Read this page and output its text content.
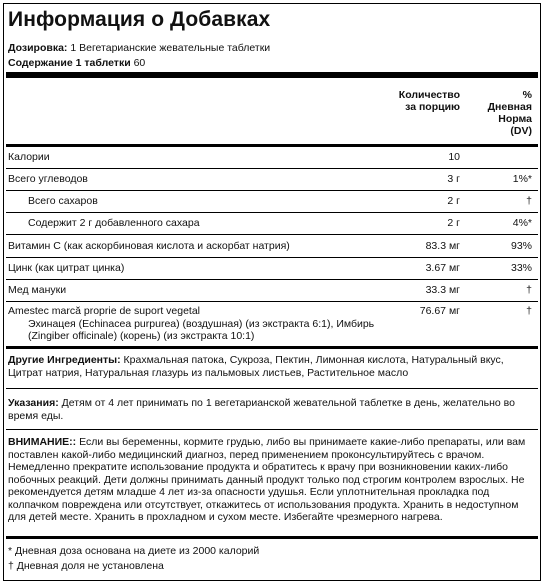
Информация о Добавках
Дозировка: 1 Вегетарианские жевательные таблетки
Содержание 1 таблетки 60
Количество
за порцию
%
Дневная
Норма
(DV)
Калории	10
Всего углеводов	3 г	1%*
Всего сахаров	2 г	†
Содержит 2 г добавленного сахара	2 г	4%*
Витамин С (как аскорбиновая кислота и аскорбат натрия)	83.3 мг	93%
Цинк (как цитрат цинка)	3.67 мг	33%
Мед мануки	33.3 мг	†
Amestec marcă proprie de suport vegetal	76.67 мг	†
Эхинацея (Echinacea purpurea) (воздушная) (из экстракта 6:1), Имбирь
(Zingiber officinale) (корень) (из экстракта 10:1)
Другие Ингредиенты: Крахмальная патока, Сукроза, Пектин, Лимонная кислота, Натуральный вкус, Цитрат натрия, Натуральная глазурь из пальмовых листьев, Растительное масло
Указания: Детям от 4 лет принимать по 1 вегетарианской жевательной таблетке в день, желательно во время еды.
ВНИМАНИЕ:: Если вы беременны, кормите грудью, либо вы принимаете какие-либо препараты, или вам поставлен какой-либо медицинский диагноз, перед применением проконсультируйтесь с врачом. Немедленно прекратите использование продукта и обратитесь к врачу при возникновении каких-либо побочных реакций. Дети должны принимать данный продукт только под строгим контролем взрослых. Не рекомендуется детям младше 4 лет из-за опасности удушья. Если уплотнительная прокладка под колпачком повреждена или отсутствует, откажитесь от использования продукта. Хранить в недоступном для детей месте. Хранить в прохладном и сухом месте. Избегайте чрезмерного нагрева.
* Дневная доза основана на диете из 2000 калорий
† Дневная доля не установлена
